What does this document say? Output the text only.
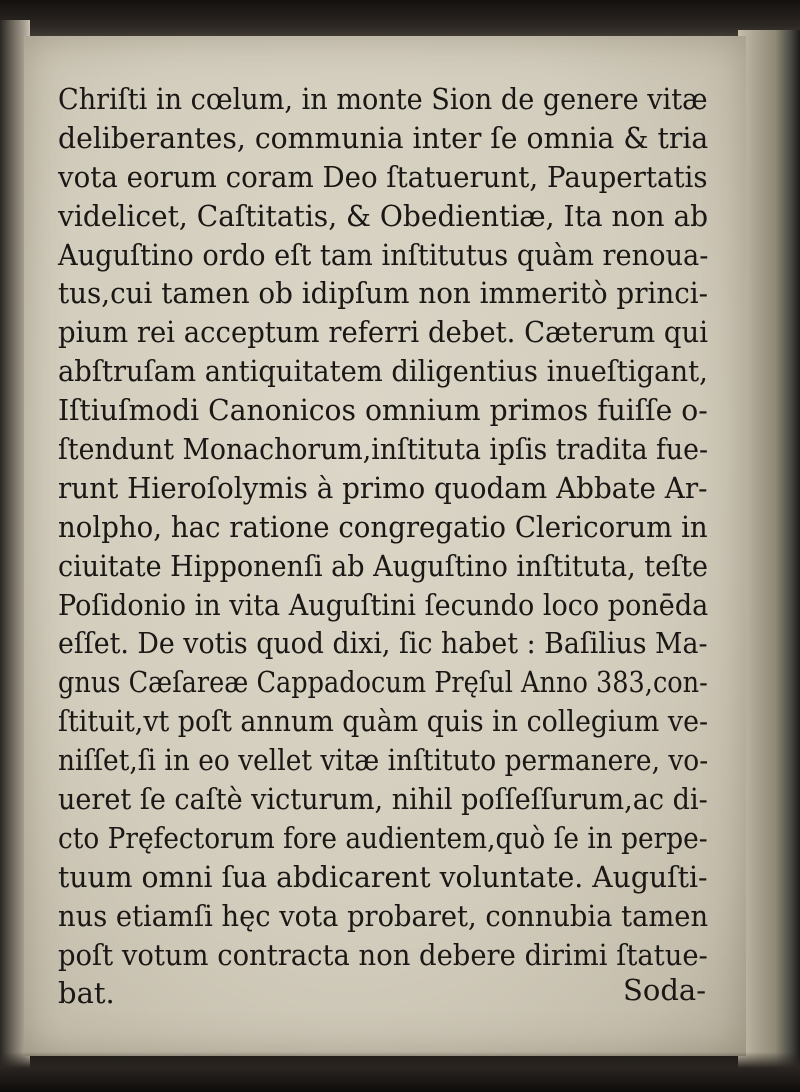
Chriſti in cœlum, in monte Sion de genere vitæ
deliberantes, communia inter ſe omnia & tria
vota eorum coram Deo ſtatuerunt, Paupertatis
videlicet, Caſtitatis, & Obedientiæ, Ita non ab
Auguſtino ordo eſt tam inſtitutus quàm renoua-
tus,cui tamen ob idipſum non immeritò princi-
pium rei acceptum referri debet. Cæterum qui
abſtruſam antiquitatem diligentius inueſtigant,
Iſtiuſmodi Canonicos omnium primos fuiſſe o-
ſtendunt Monachorum,inſtituta ipſis tradita fue-
runt Hieroſolymis à primo quodam Abbate Ar-
nolpho, hac ratione congregatio Clericorum in
ciuitate Hipponenſi ab Auguſtino inſtituta, teſte
Poſidonio in vita Auguſtini ſecundo loco ponēda
eſſet. De votis quod dixi, ſic habet : Baſilius Ma-
gnus Cæſareæ Cappadocum Pręſul Anno 383,con-
ſtituit,vt poſt annum quàm quis in collegium ve-
niſſet,ſi in eo vellet vitæ inſtituto permanere, vo-
ueret ſe caſtè victurum, nihil poſſeſſurum,ac di-
cto Pręfectorum fore audientem,quò ſe in perpe-
tuum omni ſua abdicarent voluntate. Auguſti-
nus etiamſi hęc vota probaret, connubia tamen
poſt votum contracta non debere dirimi ſtatue-
bat.	Soda-
